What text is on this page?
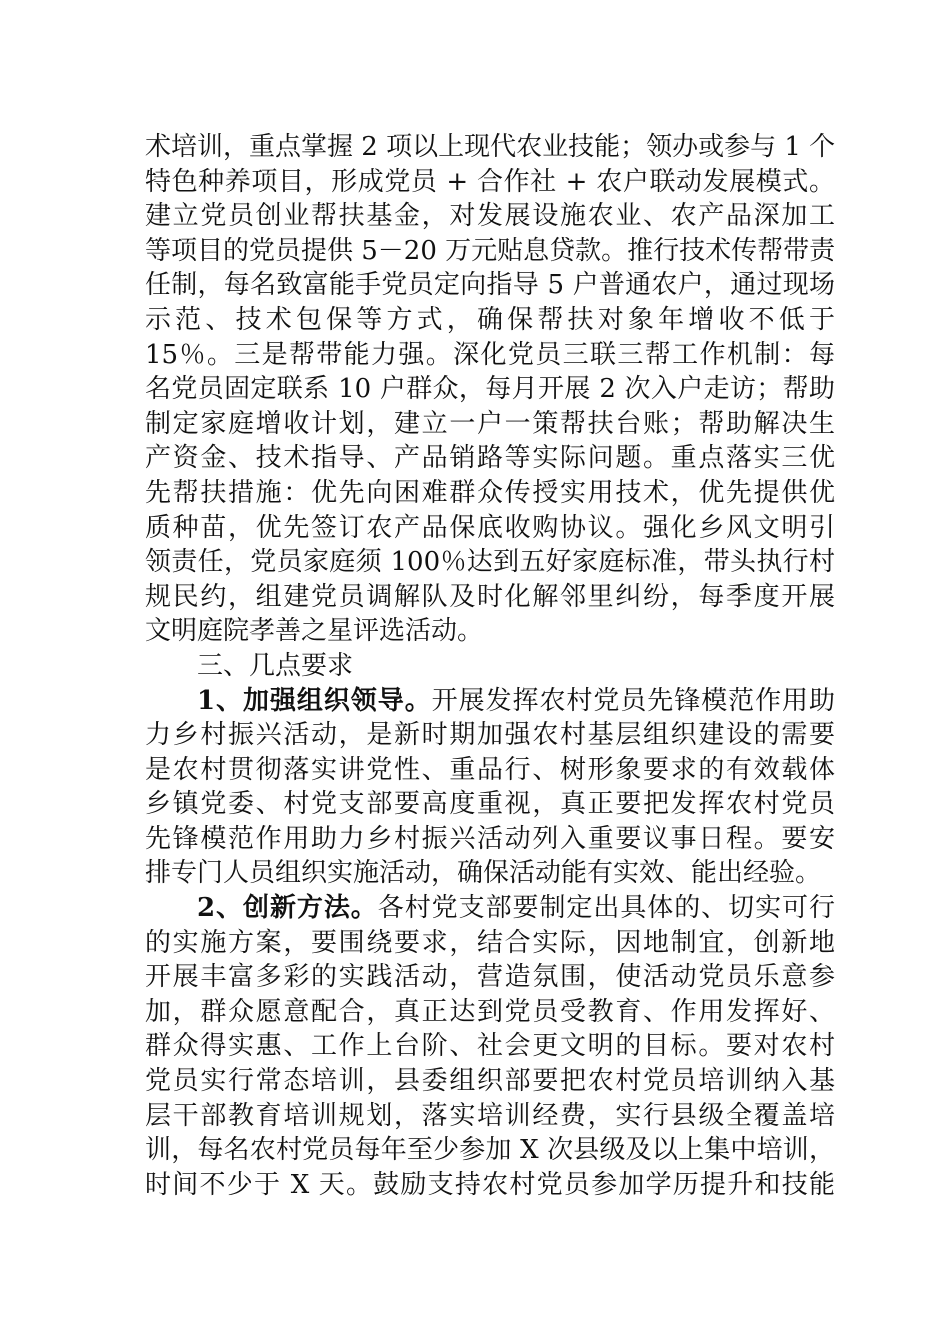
术培训，重点掌握 2 项以上现代农业技能；领办或参与 1 个
特色种养项目，形成党员 + 合作社 + 农户联动发展模式。
建立党员创业帮扶基金，对发展设施农业、农产品深加工
等项目的党员提供 5－20 万元贴息贷款。推行技术传帮带责
任制，每名致富能手党员定向指导 5 户普通农户，通过现场
示范、技术包保等方式，确保帮扶对象年增收不低于
15％。三是帮带能力强。深化党员三联三帮工作机制：每
名党员固定联系 10 户群众，每月开展 2 次入户走访；帮助
制定家庭增收计划，建立一户一策帮扶台账；帮助解决生
产资金、技术指导、产品销路等实际问题。重点落实三优
先帮扶措施：优先向困难群众传授实用技术，优先提供优
质种苗，优先签订农产品保底收购协议。强化乡风文明引
领责任，党员家庭须 100％达到五好家庭标准，带头执行村
规民约，组建党员调解队及时化解邻里纠纷，每季度开展
文明庭院孝善之星评选活动。
三、几点要求
1、加强组织领导。开展发挥农村党员先锋模范作用助
力乡村振兴活动，是新时期加强农村基层组织建设的需要
是农村贯彻落实讲党性、重品行、树形象要求的有效载体
乡镇党委、村党支部要高度重视，真正要把发挥农村党员
先锋模范作用助力乡村振兴活动列入重要议事日程。要安
排专门人员组织实施活动，确保活动能有实效、能出经验。
2、创新方法。各村党支部要制定出具体的、切实可行
的实施方案，要围绕要求，结合实际，因地制宜，创新地
开展丰富多彩的实践活动，营造氛围，使活动党员乐意参
加，群众愿意配合，真正达到党员受教育、作用发挥好、
群众得实惠、工作上台阶、社会更文明的目标。要对农村
党员实行常态培训，县委组织部要把农村党员培训纳入基
层干部教育培训规划，落实培训经费，实行县级全覆盖培
训，每名农村党员每年至少参加 X 次县级及以上集中培训，
时间不少于 X 天。鼓励支持农村党员参加学历提升和技能
